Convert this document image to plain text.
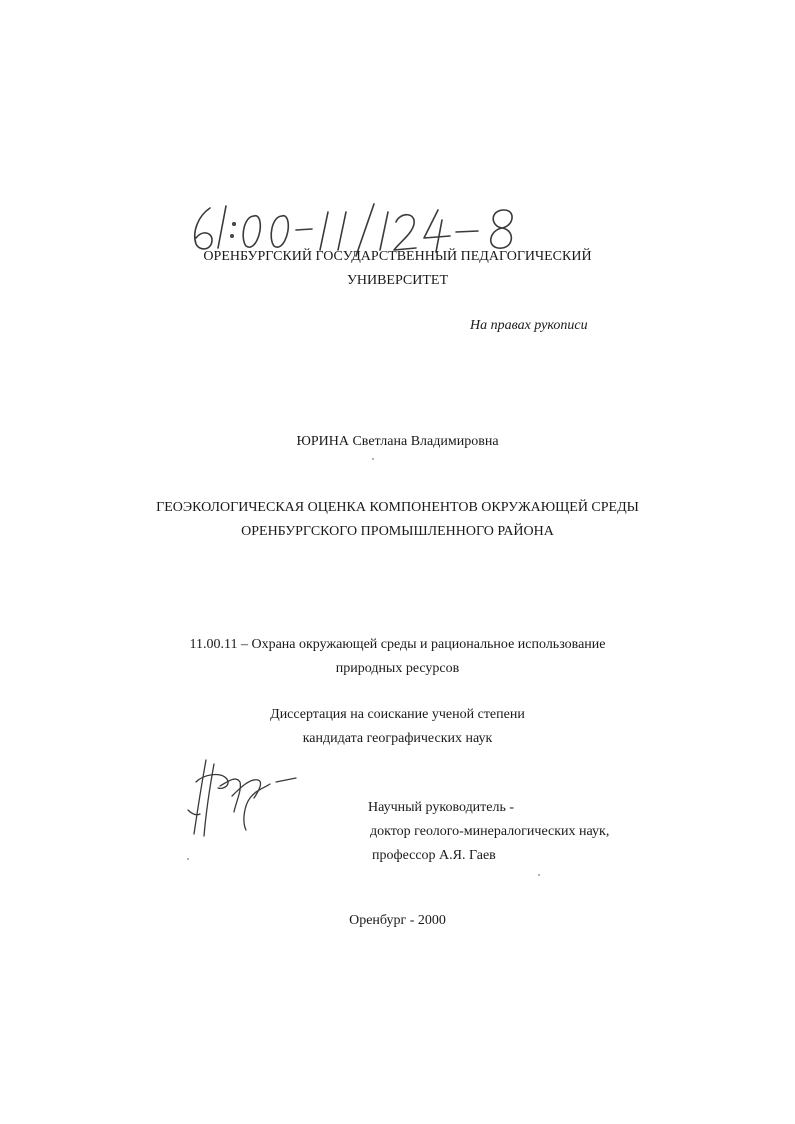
ОРЕНБУРГСКИЙ ГОСУДАРСТВЕННЫЙ ПЕДАГОГИЧЕСКИЙ
УНИВЕРСИТЕТ
На правах рукописи
ЮРИНА Светлана Владимировна
ГЕОЭКОЛОГИЧЕСКАЯ ОЦЕНКА КОМПОНЕНТОВ ОКРУЖАЮЩЕЙ СРЕДЫ
ОРЕНБУРГСКОГО ПРОМЫШЛЕННОГО РАЙОНА
11.00.11 – Охрана окружающей среды и рациональное использование
природных ресурсов
Диссертация на соискание ученой степени
кандидата географических наук
Научный руководитель -
доктор геолого-минералогических наук,
профессор А.Я. Гаев
Оренбург - 2000
